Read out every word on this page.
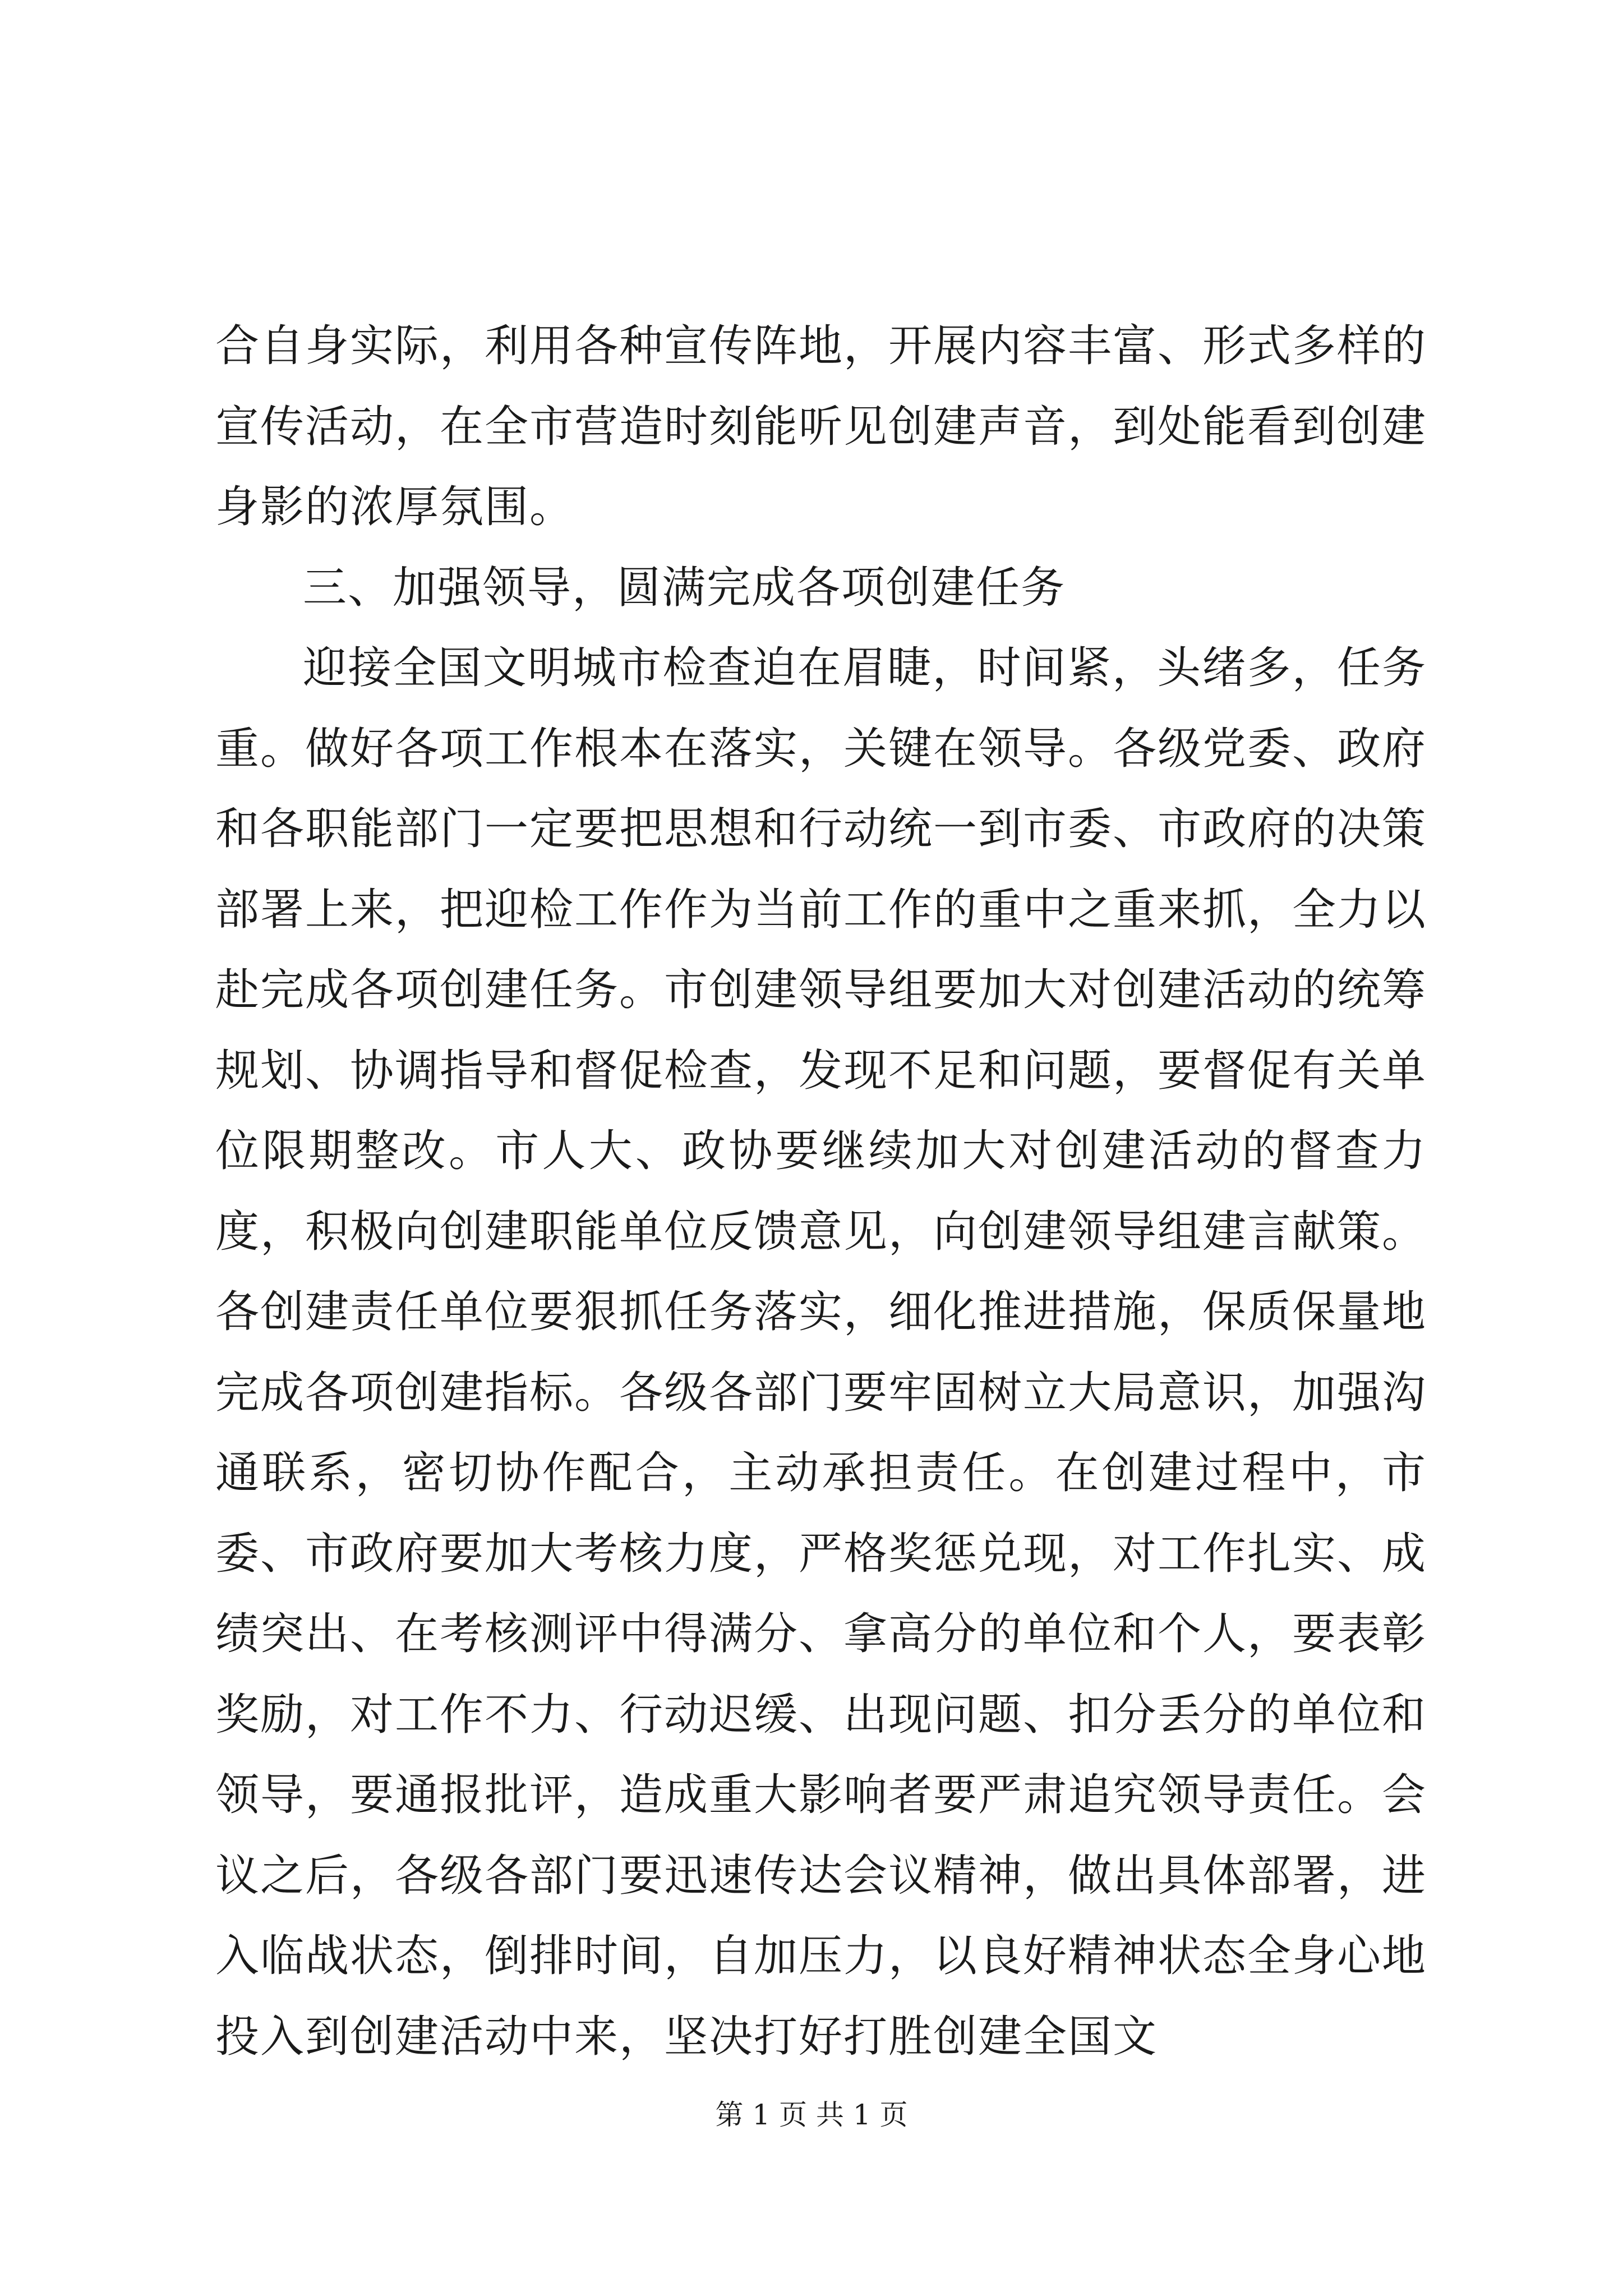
合自身实际，利用各种宣传阵地，开展内容丰富、形式多样的宣传活动，在全市营造时刻能听见创建声音，到处能看到创建身影的浓厚氛围。

三、加强领导，圆满完成各项创建任务

迎接全国文明城市检查迫在眉睫，时间紧，头绪多，任务重。做好各项工作根本在落实，关键在领导。各级党委、政府和各职能部门一定要把思想和行动统一到市委、市政府的决策部署上来，把迎检工作作为当前工作的重中之重来抓，全力以赴完成各项创建任务。市创建领导组要加大对创建活动的统筹规划、协调指导和督促检查，发现不足和问题，要督促有关单位限期整改。市人大、政协要继续加大对创建活动的督查力度，积极向创建职能单位反馈意见，向创建领导组建言献策。各创建责任单位要狠抓任务落实，细化推进措施，保质保量地完成各项创建指标。各级各部门要牢固树立大局意识，加强沟通联系，密切协作配合，主动承担责任。在创建过程中，市委、市政府要加大考核力度，严格奖惩兑现，对工作扎实、成绩突出、在考核测评中得满分、拿高分的单位和个人，要表彰奖励，对工作不力、行动迟缓、出现问题、扣分丢分的单位和领导，要通报批评，造成重大影响者要严肃追究领导责任。会议之后，各级各部门要迅速传达会议精神，做出具体部署，进入临战状态，倒排时间，自加压力，以良好精神状态全身心地投入到创建活动中来，坚决打好打胜创建全国文

第 1 页 共 1 页
